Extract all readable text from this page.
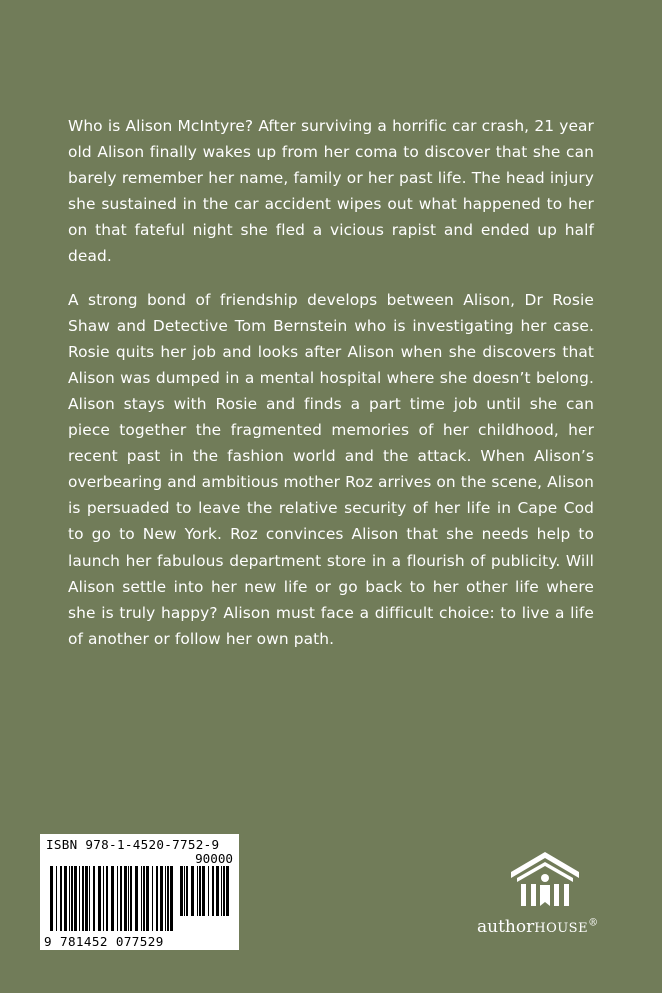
Who is Alison McIntyre? After surviving a horrific car crash, 21 year old Alison finally wakes up from her coma to discover that she can barely remember her name, family or her past life. The head injury she sustained in the car accident wipes out what happened to her on that fateful night she fled a vicious rapist and ended up half dead.

A strong bond of friendship develops between Alison, Dr Rosie Shaw and Detective Tom Bernstein who is investigating her case. Rosie quits her job and looks after Alison when she discovers that Alison was dumped in a mental hospital where she doesn’t belong. Alison stays with Rosie and finds a part time job until she can piece together the fragmented memories of her childhood, her recent past in the fashion world and the attack. When Alison’s overbearing and ambitious mother Roz arrives on the scene, Alison is persuaded to leave the relative security of her life in Cape Cod to go to New York. Roz convinces Alison that she needs help to launch her fabulous department store in a flourish of publicity. Will Alison settle into her new life or go back to her other life where she is truly happy? Alison must face a difficult choice: to live a life of another or follow her own path.

ISBN 978-1-4520-7752-9
90000
9 781452 077529
authorHOUSE®
